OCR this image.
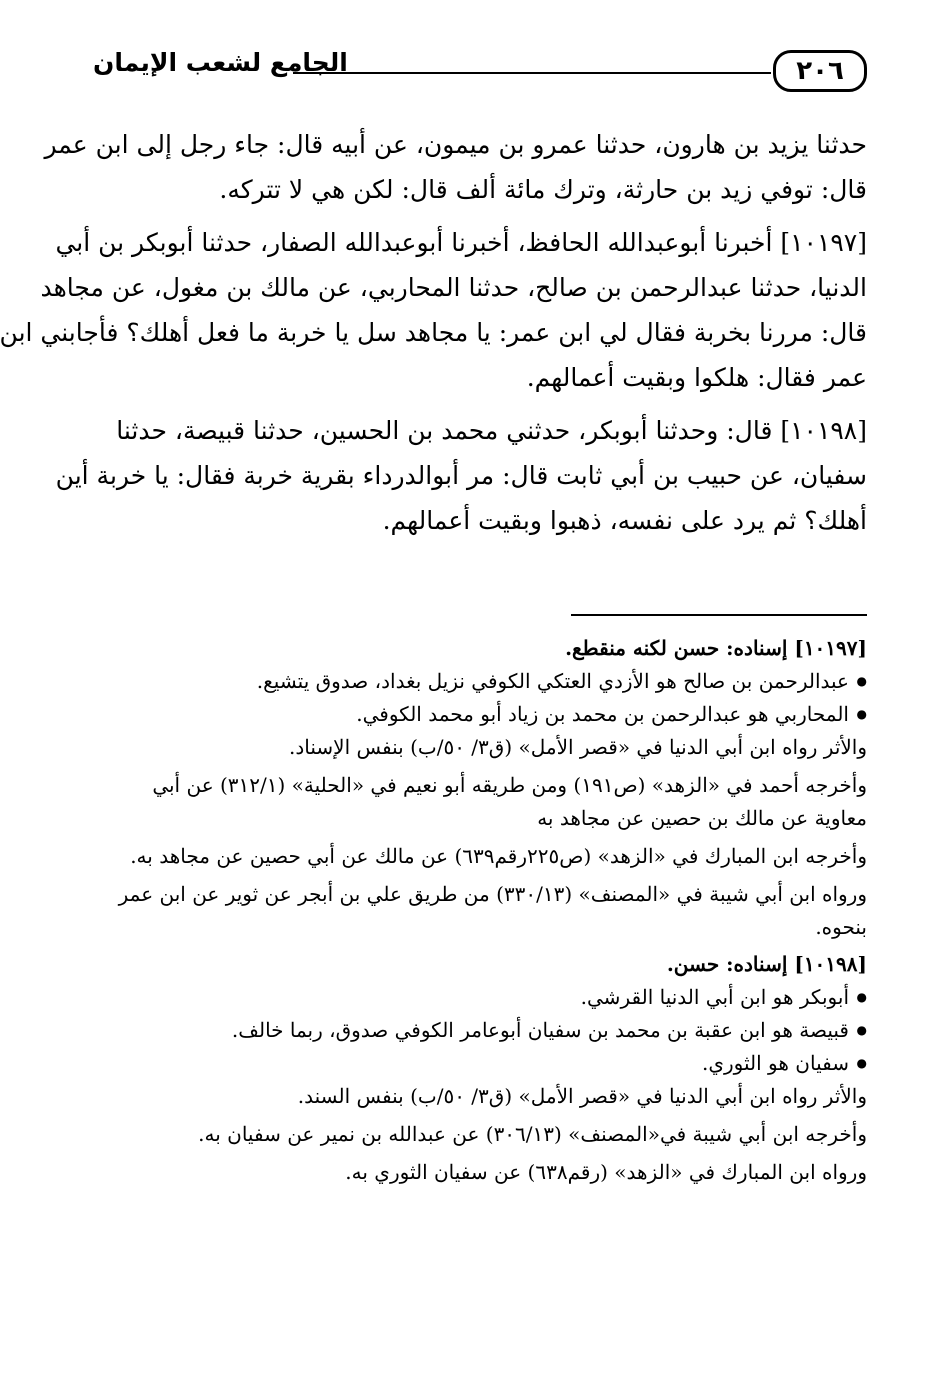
٢٠٦
الجامع لشعب الإيمان

حدثنا يزيد بن هارون، حدثنا عمرو بن ميمون، عن أبيه قال: جاء رجل إلى ابن عمر
قال: توفي زيد بن حارثة، وترك مائة ألف قال: لكن هي لا تتركه.

[١٠١٩٧] أخبرنا أبوعبدالله الحافظ، أخبرنا أبوعبدالله الصفار، حدثنا أبوبكر بن أبي
الدنيا، حدثنا عبدالرحمن بن صالح، حدثنا المحاربي، عن مالك بن مغول، عن مجاهد
قال: مررنا بخربة فقال لي ابن عمر: يا مجاهد سل يا خربة ما فعل أهلك؟ فأجابني ابن
عمر فقال: هلكوا وبقيت أعمالهم.

[١٠١٩٨] قال: وحدثنا أبوبكر، حدثني محمد بن الحسين، حدثنا قبيصة، حدثنا
سفيان، عن حبيب بن أبي ثابت قال: مر أبوالدرداء بقرية خربة فقال: يا خربة أين
أهلك؟ ثم يرد على نفسه، ذهبوا وبقيت أعمالهم.

[١٠١٩٧] إسناده: حسن لكنه منقطع.
● عبدالرحمن بن صالح هو الأزدي العتكي الكوفي نزيل بغداد، صدوق يتشيع.
● المحاربي هو عبدالرحمن بن محمد بن زياد أبو محمد الكوفي.
والأثر رواه ابن أبي الدنيا في «قصر الأمل» (ق٣/ ٥٠/ب) بنفس الإسناد.
وأخرجه أحمد في «الزهد» (ص١٩١) ومن طريقه أبو نعيم في «الحلية» (٣١٢/١) عن أبي
معاوية عن مالك بن حصين عن مجاهد به
وأخرجه ابن المبارك في «الزهد» (ص٢٢٥رقم٦٣٩) عن مالك عن أبي حصين عن مجاهد به.
ورواه ابن أبي شيبة في «المصنف» (٣٣٠/١٣) من طريق علي بن أبجر عن ثوير عن ابن عمر
بنحوه.
[١٠١٩٨] إسناده: حسن.
● أبوبكر هو ابن أبي الدنيا القرشي.
● قبيصة هو ابن عقبة بن محمد بن سفيان أبوعامر الكوفي صدوق، ربما خالف.
● سفيان هو الثوري.
والأثر رواه ابن أبي الدنيا في «قصر الأمل» (ق٣/ ٥٠/ب) بنفس السند.
وأخرجه ابن أبي شيبة في«المصنف» (٣٠٦/١٣) عن عبدالله بن نمير عن سفيان به.
ورواه ابن المبارك في «الزهد» (رقم٦٣٨) عن سفيان الثوري به.
